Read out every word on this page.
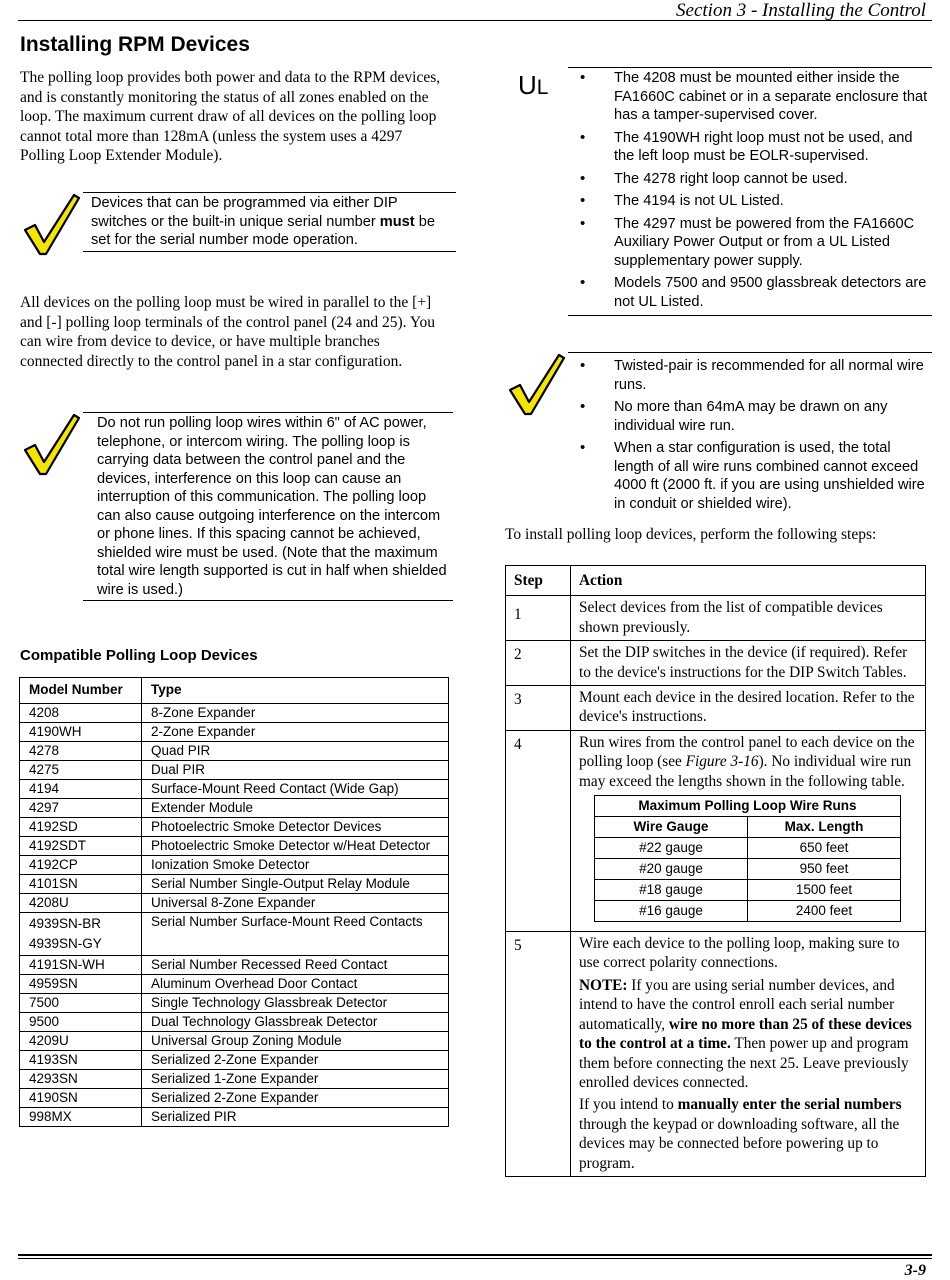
Section 3 - Installing the Control
Installing RPM Devices
The polling loop provides both power and data to the RPM devices, and is constantly monitoring the status of all zones enabled on the loop. The maximum current draw of all devices on the polling loop cannot total more than 128mA (unless the system uses a 4297 Polling Loop Extender Module).
Devices that can be programmed via either DIP switches or the built-in unique serial number must be set for the serial number mode operation.
All devices on the polling loop must be wired in parallel to the [+] and [-] polling loop terminals of the control panel (24 and 25). You can wire from device to device, or have multiple branches connected directly to the control panel in a star configuration.
Do not run polling loop wires within 6" of AC power, telephone, or intercom wiring. The polling loop is carrying data between the control panel and the devices, interference on this loop can cause an interruption of this communication. The polling loop can also cause outgoing interference on the intercom or phone lines. If this spacing cannot be achieved, shielded wire must be used. (Note that the maximum total wire length supported is cut in half when shielded wire is used.)
Compatible Polling Loop Devices
Model Number	Type
4208	8-Zone Expander
4190WH	2-Zone Expander
4278	Quad PIR
4275	Dual PIR
4194	Surface-Mount Reed Contact (Wide Gap)
4297	Extender Module
4192SD	Photoelectric Smoke Detector Devices
4192SDT	Photoelectric Smoke Detector w/Heat Detector
4192CP	Ionization Smoke Detector
4101SN	Serial Number Single-Output Relay Module
4208U	Universal 8-Zone Expander
4939SN-BR
4939SN-GY	Serial Number Surface-Mount Reed Contacts
4191SN-WH	Serial Number Recessed Reed Contact
4959SN	Aluminum Overhead Door Contact
7500	Single Technology Glassbreak Detector
9500	Dual Technology Glassbreak Detector
4209U	Universal Group Zoning Module
4193SN	Serialized 2-Zone Expander
4293SN	Serialized 1-Zone Expander
4190SN	Serialized 2-Zone Expander
998MX	Serialized PIR
UL	• The 4208 must be mounted either inside the FA1660C cabinet or in a separate enclosure that has a tamper-supervised cover.
• The 4190WH right loop must not be used, and the left loop must be EOLR-supervised.
• The 4278 right loop cannot be used.
• The 4194 is not UL Listed.
• The 4297 must be powered from the FA1660C Auxiliary Power Output or from a UL Listed supplementary power supply.
• Models 7500 and 9500 glassbreak detectors are not UL Listed.
• Twisted-pair is recommended for all normal wire runs.
• No more than 64mA may be drawn on any individual wire run.
• When a star configuration is used, the total length of all wire runs combined cannot exceed 4000 ft (2000 ft. if you are using unshielded wire in conduit or shielded wire).
To install polling loop devices, perform the following steps:
Step	Action
1	Select devices from the list of compatible devices shown previously.
2	Set the DIP switches in the device (if required). Refer to the device's instructions for the DIP Switch Tables.
3	Mount each device in the desired location. Refer to the device's instructions.
4	Run wires from the control panel to each device on the polling loop (see Figure 3-16). No individual wire run may exceed the lengths shown in the following table.
Maximum Polling Loop Wire Runs
Wire Gauge	Max. Length
#22 gauge	650 feet
#20 gauge	950 feet
#18 gauge	1500 feet
#16 gauge	2400 feet

5	Wire each device to the polling loop, making sure to use correct polarity connections.

NOTE: If you are using serial number devices, and intend to have the control enroll each serial number automatically, wire no more than 25 of these devices to the control at a time. Then power up and program them before connecting the next 25. Leave previously enrolled devices connected.

If you intend to manually enter the serial numbers through the keypad or downloading software, all the devices may be connected before powering up to program.

3-9
